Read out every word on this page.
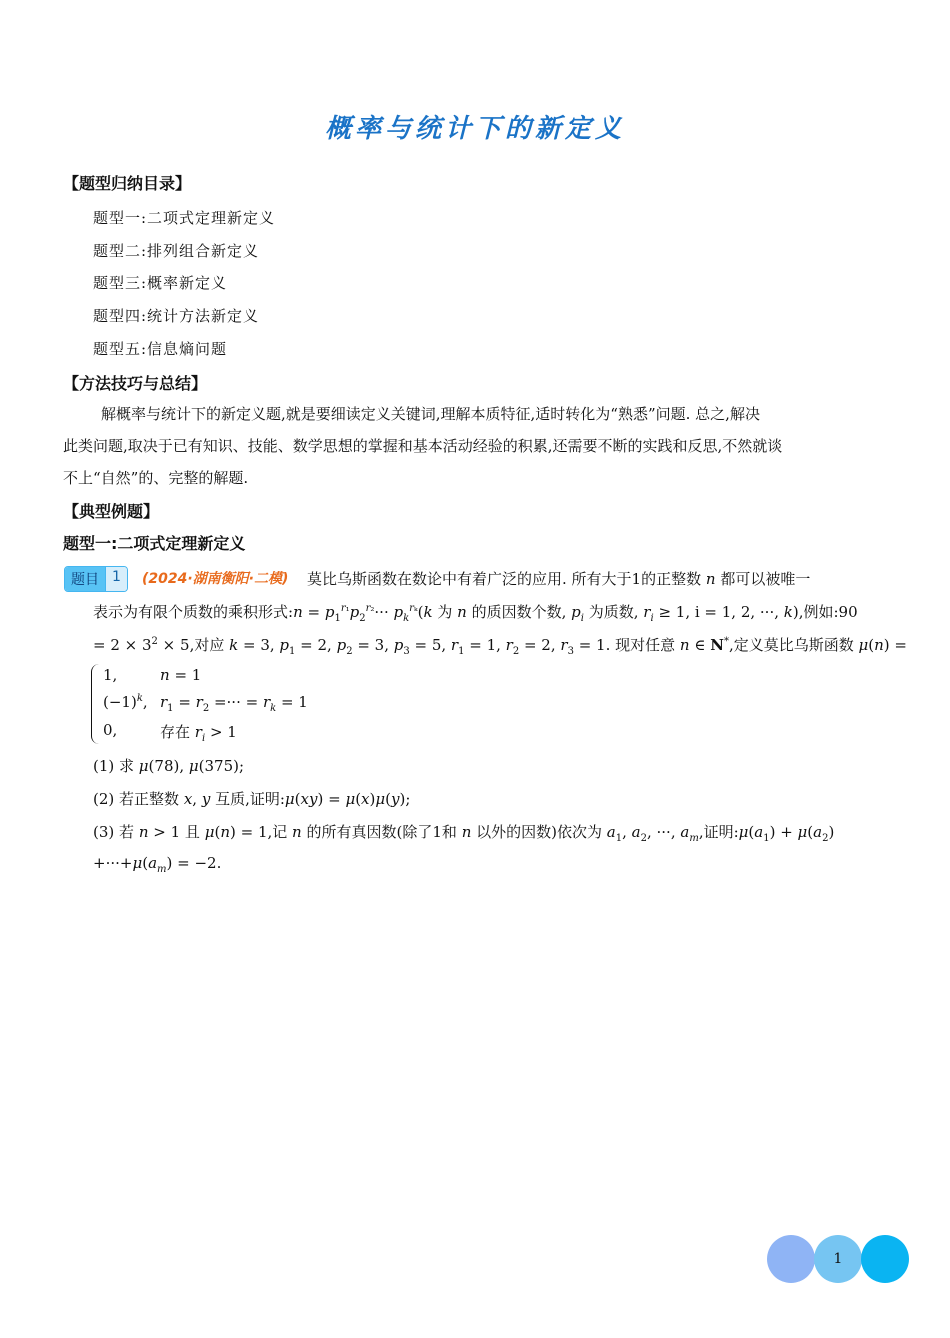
概率与统计下的新定义
【题型归纳目录】
题型一:二项式定理新定义
题型二:排列组合新定义
题型三:概率新定义
题型四:统计方法新定义
题型五:信息熵问题
【方法技巧与总结】
解概率与统计下的新定义题,就是要细读定义关键词,理解本质特征,适时转化为“熟悉”问题. 总之,解决
此类问题,取决于已有知识、技能、数学思想的掌握和基本活动经验的积累,还需要不断的实践和反思,不然就谈
不上“自然”的、完整的解题.
【典型例题】
题型一:二项式定理新定义
题目 1	(2024·湖南衡阳·二模) 莫比乌斯函数在数论中有着广泛的应用. 所有大于1的正整数 n 都可以被唯一
表示为有限个质数的乘积形式:n = $p_1^{r_1}p_2^{r_2}\cdot\cdot\cdot p_k^{r_k}(k$ 为 n 的质因数个数, $p_i$ 为质数, $r_i \ge 1$, i = 1, 2, ···, k),例如:90
= $2 \times 3^2 \times 5$,对应 k = 3, $p_1 = 2$, $p_2 = 3$, $p_3 = 5$, $r_1 = 1$, $r_2 = 2$, $r_3 = 1$. 现对任意 n ∈ N*,定义莫比乌斯函数 μ(n) =
1,	n = 1
$(-1)^k$, $r_1 = r_2$ =··· = $r_k = 1$
0,	存在 $r_i > 1$
(1) 求 μ(78), μ(375);
(2) 若正整数 x, y 互质,证明:μ(xy) = μ(x)μ(y);
(3) 若 n > 1 且 μ(n) = 1,记 n 的所有真因数(除了1和 n 以外的因数)依次为 $a_1$, $a_2$, ···, $a_m$,证明$:\mu(a_1) + \mu(a_2)$
$+\cdot\cdot\cdot+\mu(a_m) = -2$.
1
